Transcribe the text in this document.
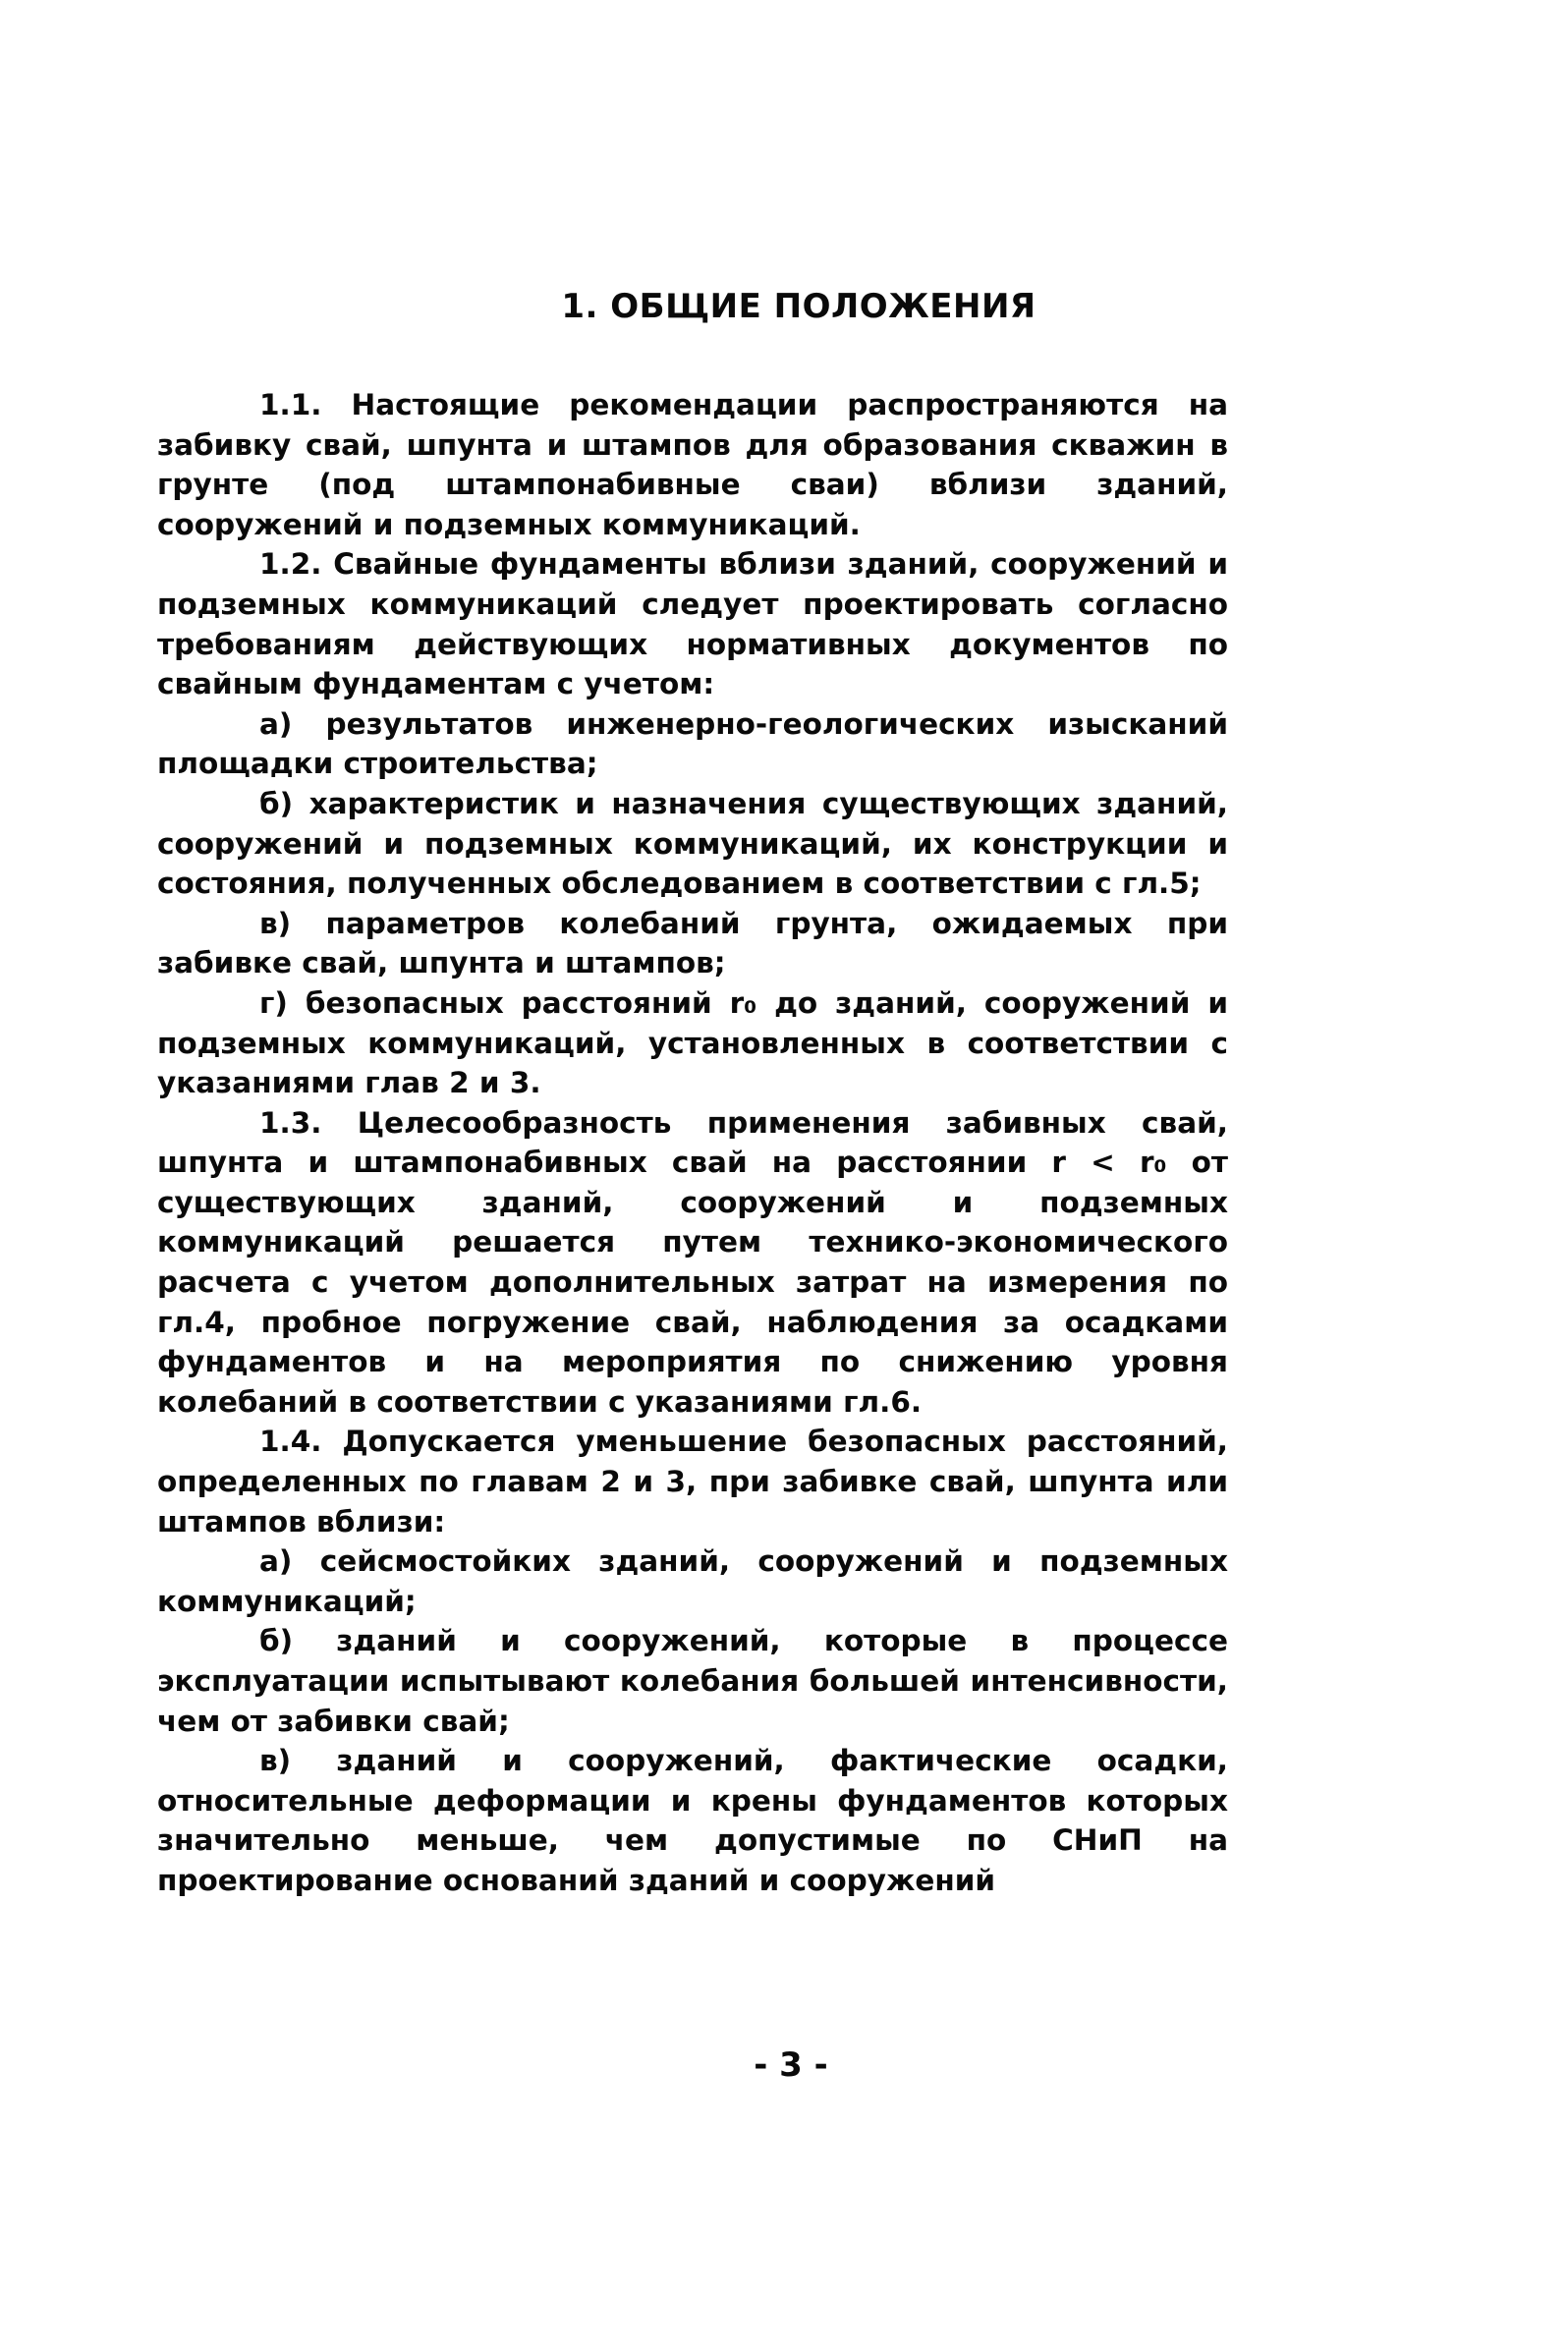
1. ОБЩИЕ ПОЛОЖЕНИЯ

1.1. Настоящие рекомендации распространяются на забивку свай, шпунта и штампов для образования скважин в грунте (под штампонабивные сваи) вблизи зданий, сооружений и подземных коммуникаций.

1.2. Свайные фундаменты вблизи зданий, сооружений и подземных коммуникаций следует проектировать согласно требованиям действующих нормативных документов по свайным фундаментам с учетом:

а) результатов инженерно-геологических изысканий площадки строительства;

б) характеристик и назначения существующих зданий, сооружений и подземных коммуникаций, их конструкции и состояния, полученных обследованием в соответствии с гл.5;

в) параметров колебаний грунта, ожидаемых при забивке свай, шпунта и штампов;

г) безопасных расстояний r₀ до зданий, сооружений и подземных коммуникаций, установленных в соответствии с указаниями глав 2 и 3.

1.3. Целесообразность применения забивных свай, шпунта и штампонабивных свай на расстоянии r < r₀ от существующих зданий, сооружений и подземных коммуникаций решается путем технико-экономического расчета с учетом дополнительных затрат на измерения по гл.4, пробное погружение свай, наблюдения за осадками фундаментов и на мероприятия по снижению уровня колебаний в соответствии с указаниями гл.6.

1.4. Допускается уменьшение безопасных расстояний, определенных по главам 2 и 3, при забивке свай, шпунта или штампов вблизи:

а) сейсмостойких зданий, сооружений и подземных коммуникаций;

б) зданий и сооружений, которые в процессе эксплуатации испытывают колебания большей интенсивности, чем от забивки свай;

в) зданий и сооружений, фактические осадки, относительные деформации и крены фундаментов которых значительно меньше, чем допустимые по СНиП на проектирование оснований зданий и сооружений

- 3 -
